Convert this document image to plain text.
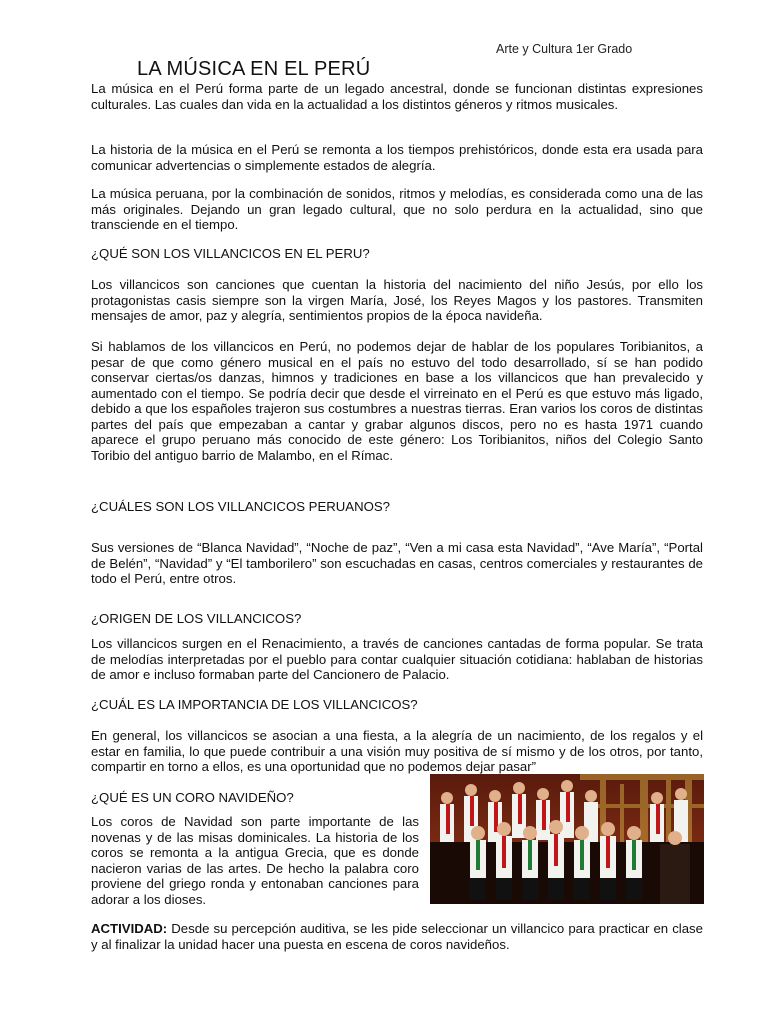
Arte y Cultura 1er Grado
LA MÚSICA EN EL PERÚ

La música en el Perú forma parte de un legado ancestral, donde se funcionan distintas expresiones culturales. Las cuales dan vida en la actualidad a los distintos géneros y ritmos musicales.

La historia de la música en el Perú se remonta a los tiempos prehistóricos, donde esta era usada para comunicar advertencias o simplemente estados de alegría.

La música peruana, por la combinación de sonidos, ritmos y melodías, es considerada como una de las más originales. Dejando un gran legado cultural, que no solo perdura en la actualidad, sino que transciende en el tiempo.

¿QUÉ SON LOS VILLANCICOS EN EL PERU?

Los villancicos son canciones que cuentan la historia del nacimiento del niño Jesús, por ello los protagonistas casis siempre son la virgen María, José, los Reyes Magos y los pastores. Transmiten mensajes de amor, paz y alegría, sentimientos propios de la época navideña.

Si hablamos de los villancicos en Perú, no podemos dejar de hablar de los populares Toribianitos, a pesar de que como género musical en el país no estuvo del todo desarrollado, sí se han podido conservar ciertas/os danzas, himnos y tradiciones en base a los villancicos que han prevalecido y aumentado con el tiempo. Se podría decir que desde el virreinato en el Perú es que estuvo más ligado, debido a que los españoles trajeron sus costumbres a nuestras tierras. Eran varios los coros de distintas partes del país que empezaban a cantar y grabar algunos discos, pero no es hasta 1971 cuando aparece el grupo peruano más conocido de este género: Los Toribianitos, niños del Colegio Santo Toribio del antiguo barrio de Malambo, en el Rímac.

¿CUÁLES SON LOS VILLANCICOS PERUANOS?

Sus versiones de “Blanca Navidad”, “Noche de paz”, “Ven a mi casa esta Navidad”, “Ave María”, “Portal de Belén”, “Navidad” y “El tamborilero” son escuchadas en casas, centros comerciales y restaurantes de todo el Perú, entre otros.

¿ORIGEN DE LOS VILLANCICOS?

Los villancicos surgen en el Renacimiento, a través de canciones cantadas de forma popular. Se trata de melodías interpretadas por el pueblo para contar cualquier situación cotidiana: hablaban de historias de amor e incluso formaban parte del Cancionero de Palacio.

¿CUÁL ES LA IMPORTANCIA DE LOS VILLANCICOS?

En general, los villancicos se asocian a una fiesta, a la alegría de un nacimiento, de los regalos y el estar en familia, lo que puede contribuir a una visión muy positiva de sí mismo y de los otros, por tanto, compartir en torno a ellos, es una oportunidad que no podemos dejar pasar”

¿QUÉ ES UN CORO NAVIDEÑO?

Los coros de Navidad son parte importante de las novenas y de las misas dominicales. La historia de los coros se remonta a la antigua Grecia, que es donde nacieron varias de las artes. De hecho la palabra coro proviene del griego ronda y entonaban canciones para adorar a los dioses.

ACTIVIDAD: Desde su percepción auditiva, se les pide seleccionar un villancico para practicar en clase y al finalizar la unidad hacer una puesta en escena de coros navideños.
